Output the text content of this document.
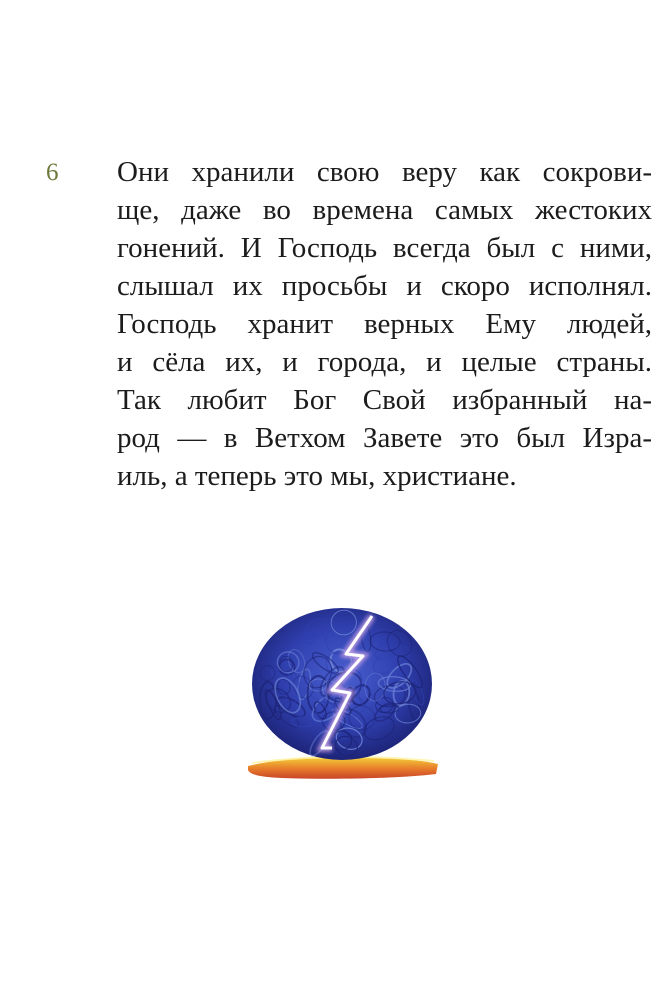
6 Они хранили свою веру как сокрови-
ще, даже во времена самых жестоких
гонений. И Господь всегда был с ними,
слышал их просьбы и скоро исполнял.
Господь хранит верных Ему людей,
и сёла их, и города, и целые страны.
Так любит Бог Свой избранный на-
род — в Ветхом Завете это был Изра-
иль, а теперь это мы, христиане.
